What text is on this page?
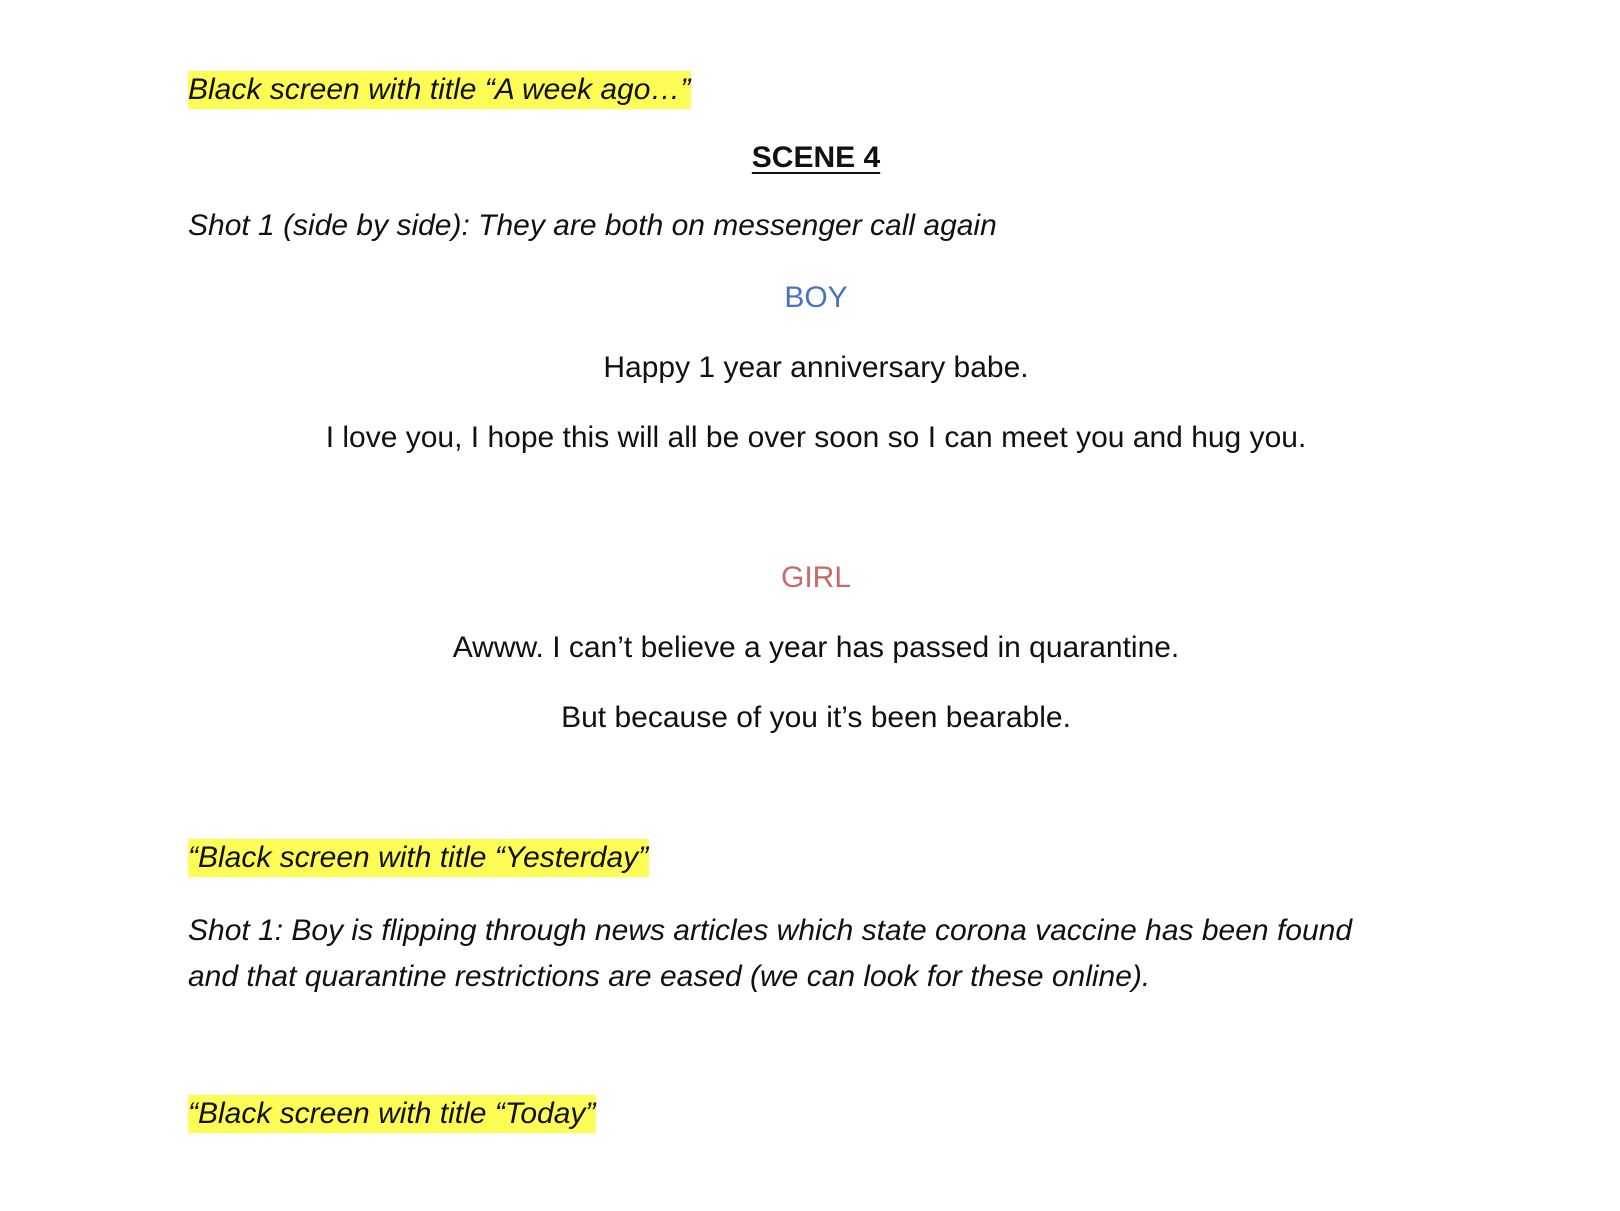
Black screen with title “A week ago…”
SCENE 4
Shot 1 (side by side): They are both on messenger call again
BOY
Happy 1 year anniversary babe.
I love you, I hope this will all be over soon so I can meet you and hug you.
GIRL
Awww. I can’t believe a year has passed in quarantine.
But because of you it’s been bearable.
“Black screen with title “Yesterday”
Shot 1: Boy is flipping through news articles which state corona vaccine has been found and that quarantine restrictions are eased (we can look for these online).
“Black screen with title “Today”
